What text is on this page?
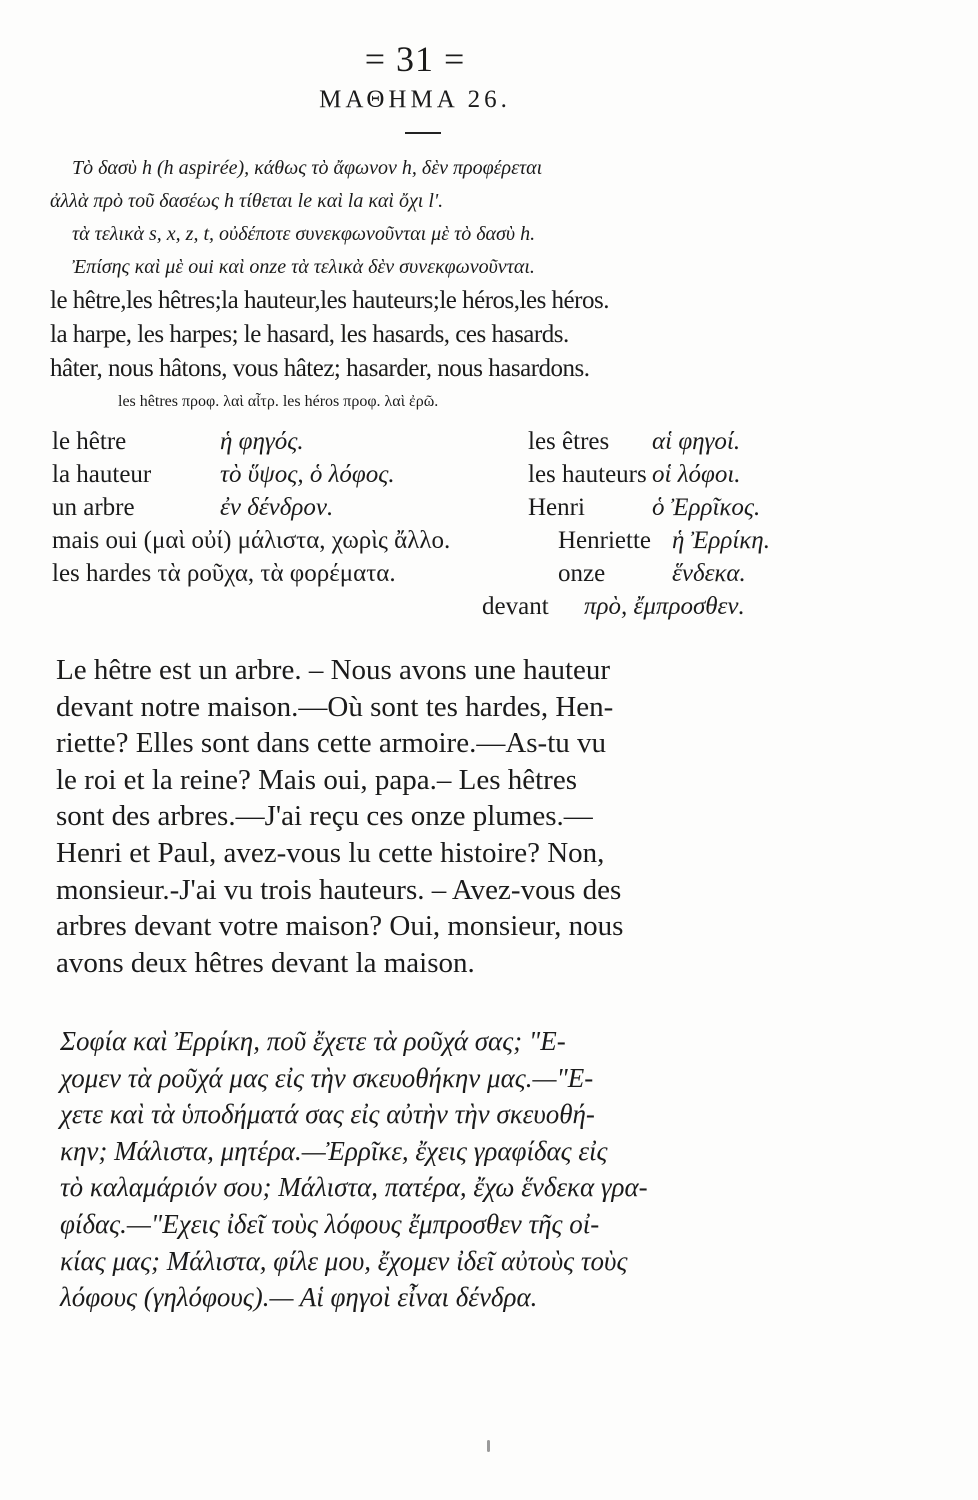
= 31 =
ΜΑΘΗΜΑ 26.
Τὸ δασὺ h (h aspirée), κάθως τὸ ἄφωνον h, δὲν προφέρεται
ἀλλὰ πρὸ τοῦ δασέως h τίθεται le καὶ la καὶ ὄχι l'.
τὰ τελικὰ s, x, z, t, οὐδέποτε συνεκφωνοῦνται μὲ τὸ δασὺ h.
Ἐπίσης καὶ μὲ oui καὶ onze τὰ τελικὰ δὲν συνεκφωνοῦνται.
le hêtre,les hêtres;la hauteur,les hauteurs;le héros,les héros.
la harpe, les harpes; le hasard, les hasards, ces hasards.
hâter, nous hâtons, vous hâtez; hasarder, nous hasardons.
les hêtres προφ. λαὶ αἶτρ. les héros προφ. λαὶ ἐρῶ.
le hêtre	ἡ φηγός.	les êtres αἱ φηγοί.
la hauteur	τὸ ὕψος, ὁ λόφος.	les hauteurs οἱ λόφοι.
un arbre	ἐν δένδρον.	Henri	ὁ Ἐρρῖκος.
mais oui (μαὶ οὐί) μάλιστα, χωρὶς ἄλλο.	Henriette ἡ Ἐρρίκη.
les hardes τὰ ροῦχα, τὰ φορέματα.	onze	ἕνδεκα.
devant πρὸ, ἔμπροσθεν.
Le hêtre est un arbre. – Nous avons une hauteur
devant notre maison.—Où sont tes hardes, Hen-
riette? Elles sont dans cette armoire.—As-tu vu
le roi et la reine? Mais oui, papa.– Les hêtres
sont des arbres.—J'ai reçu ces onze plumes.—
Henri et Paul, avez-vous lu cette histoire? Non,
monsieur.-J'ai vu trois hauteurs. – Avez-vous des
arbres devant votre maison? Oui, monsieur, nous
avons deux hêtres devant la maison.
Σοφία καὶ Ἐρρίκη, ποῦ ἔχετε τὰ ροῦχά σας; "Ε-
χομεν τὰ ροῦχά μας εἰς τὴν σκευοθήκην μας.—"Ε-
χετε καὶ τὰ ὑποδήματά σας εἰς αὐτὴν τὴν σκευοθή-
κην; Μάλιστα, μητέρα.—Ἐρρῖκε, ἔχεις γραφίδας εἰς
τὸ καλαμάριόν σου; Μάλιστα, πατέρα, ἔχω ἕνδεκα γρα-
φίδας.—"Εχεις ἰδεῖ τοὺς λόφους ἔμπροσθεν τῆς οἰ-
κίας μας; Μάλιστα, φίλε μου, ἔχομεν ἰδεῖ αὐτοὺς τοὺς
λόφους (γηλόφους).— Αἱ φηγοὶ εἶναι δένδρα.
